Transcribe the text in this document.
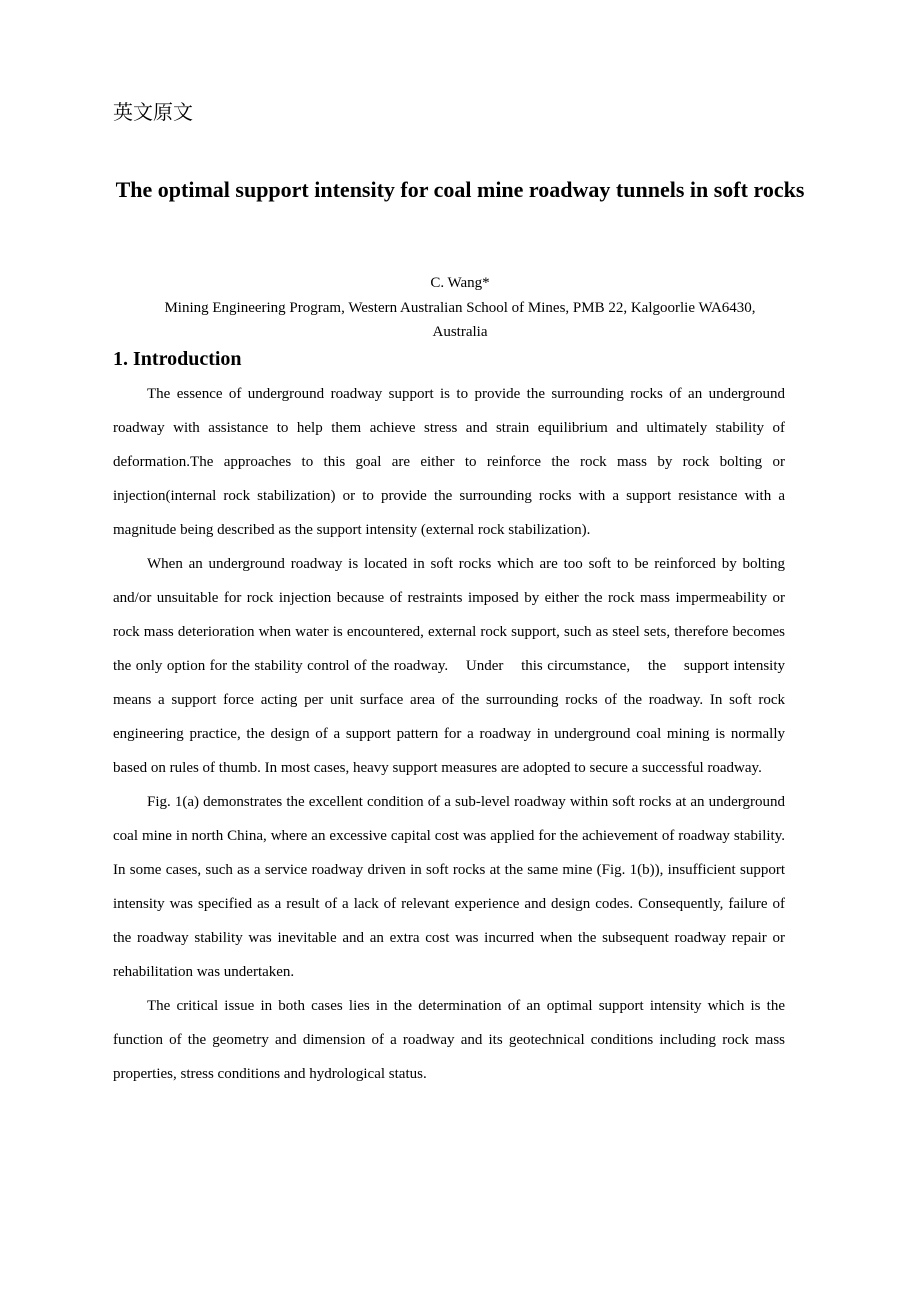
英文原文
The optimal support intensity for coal mine roadway tunnels in soft rocks
C. Wang*
Mining Engineering Program, Western Australian School of Mines, PMB 22, Kalgoorlie WA6430, Australia
1. Introduction

The essence of underground roadway support is to provide the surrounding rocks of an underground roadway with assistance to help them achieve stress and strain equilibrium and ultimately stability of deformation.The approaches to this goal are either to reinforce the rock mass by rock bolting or injection(internal rock stabilization) or to provide the surrounding rocks with a support resistance with a magnitude being described as the support intensity (external rock stabilization).

When an underground roadway is located in soft rocks which are too soft to be reinforced by bolting and/or unsuitable for rock injection because of restraints imposed by either the rock mass impermeability or rock mass deterioration when water is encountered, external rock support, such as steel sets, therefore becomes the only option for the stability control of the roadway.    Under    this circumstance,    the    support intensity means a support force acting per unit surface area of the surrounding rocks of the roadway. In soft rock engineering practice, the design of a support pattern for a roadway in underground coal mining is normally based on rules of thumb. In most cases, heavy support measures are adopted to secure a successful roadway.

Fig. 1(a) demonstrates the excellent condition of a sub-level roadway within soft rocks at an underground coal mine in north China, where an excessive capital cost was applied for the achievement of roadway stability. In some cases, such as a service roadway driven in soft rocks at the same mine (Fig. 1(b)), insufficient support intensity was specified as a result of a lack of relevant experience and design codes. Consequently, failure of the roadway stability was inevitable and an extra cost was incurred when the subsequent roadway repair or rehabilitation was undertaken.

The critical issue in both cases lies in the determination of an optimal support intensity which is the function of the geometry and dimension of a roadway and its geotechnical conditions including rock mass properties, stress conditions and hydrological status.
